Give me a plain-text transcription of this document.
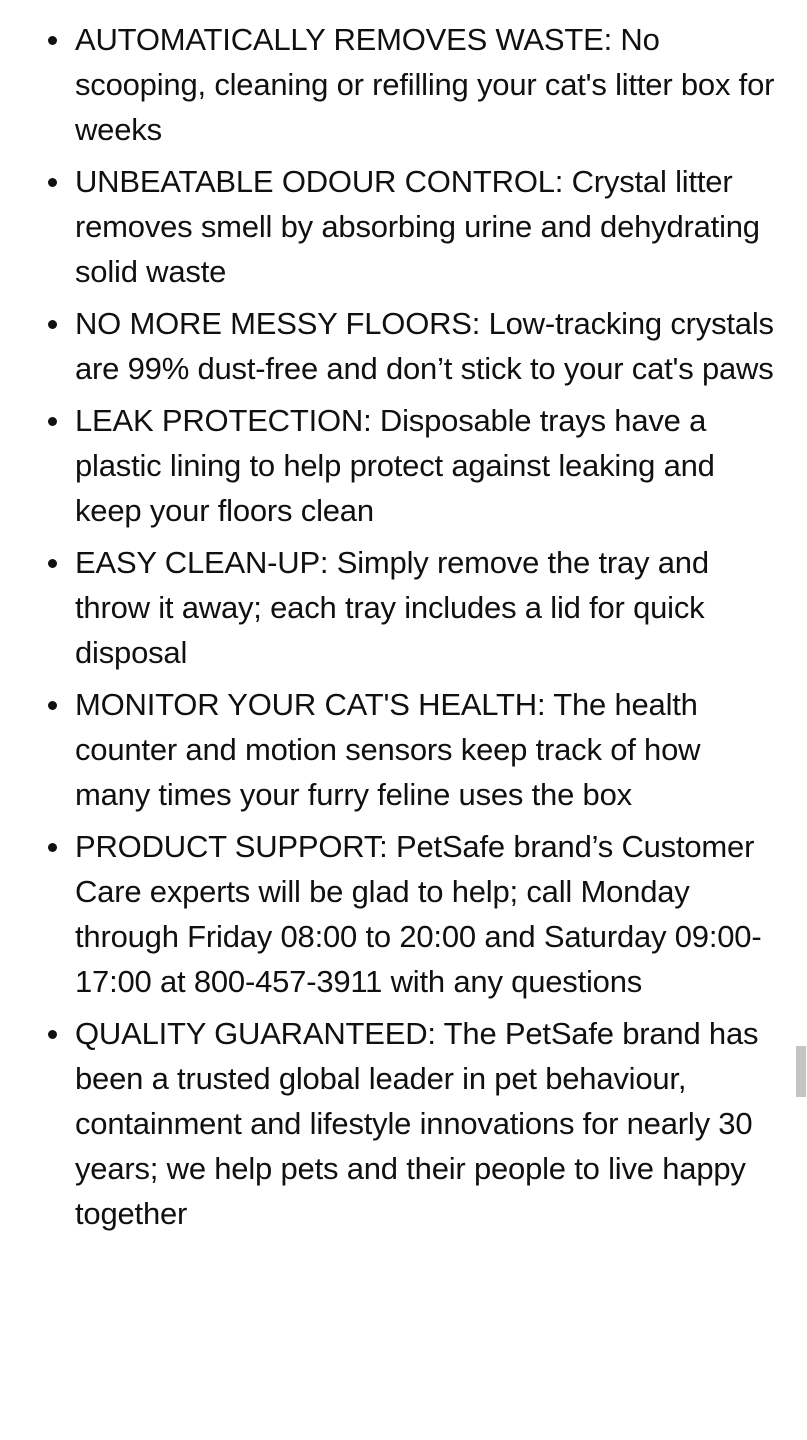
AUTOMATICALLY REMOVES WASTE: No scooping, cleaning or refilling your cat's litter box for weeks
UNBEATABLE ODOUR CONTROL: Crystal litter removes smell by absorbing urine and dehydrating solid waste
NO MORE MESSY FLOORS: Low-tracking crystals are 99% dust-free and don’t stick to your cat's paws
LEAK PROTECTION: Disposable trays have a plastic lining to help protect against leaking and keep your floors clean
EASY CLEAN-UP: Simply remove the tray and throw it away; each tray includes a lid for quick disposal
MONITOR YOUR CAT'S HEALTH: The health counter and motion sensors keep track of how many times your furry feline uses the box
PRODUCT SUPPORT: PetSafe brand’s Customer Care experts will be glad to help; call Monday through Friday 08:00 to 20:00 and Saturday 09:00-17:00 at 800-457-3911 with any questions
QUALITY GUARANTEED: The PetSafe brand has been a trusted global leader in pet behaviour, containment and lifestyle innovations for nearly 30 years; we help pets and their people to live happy together
